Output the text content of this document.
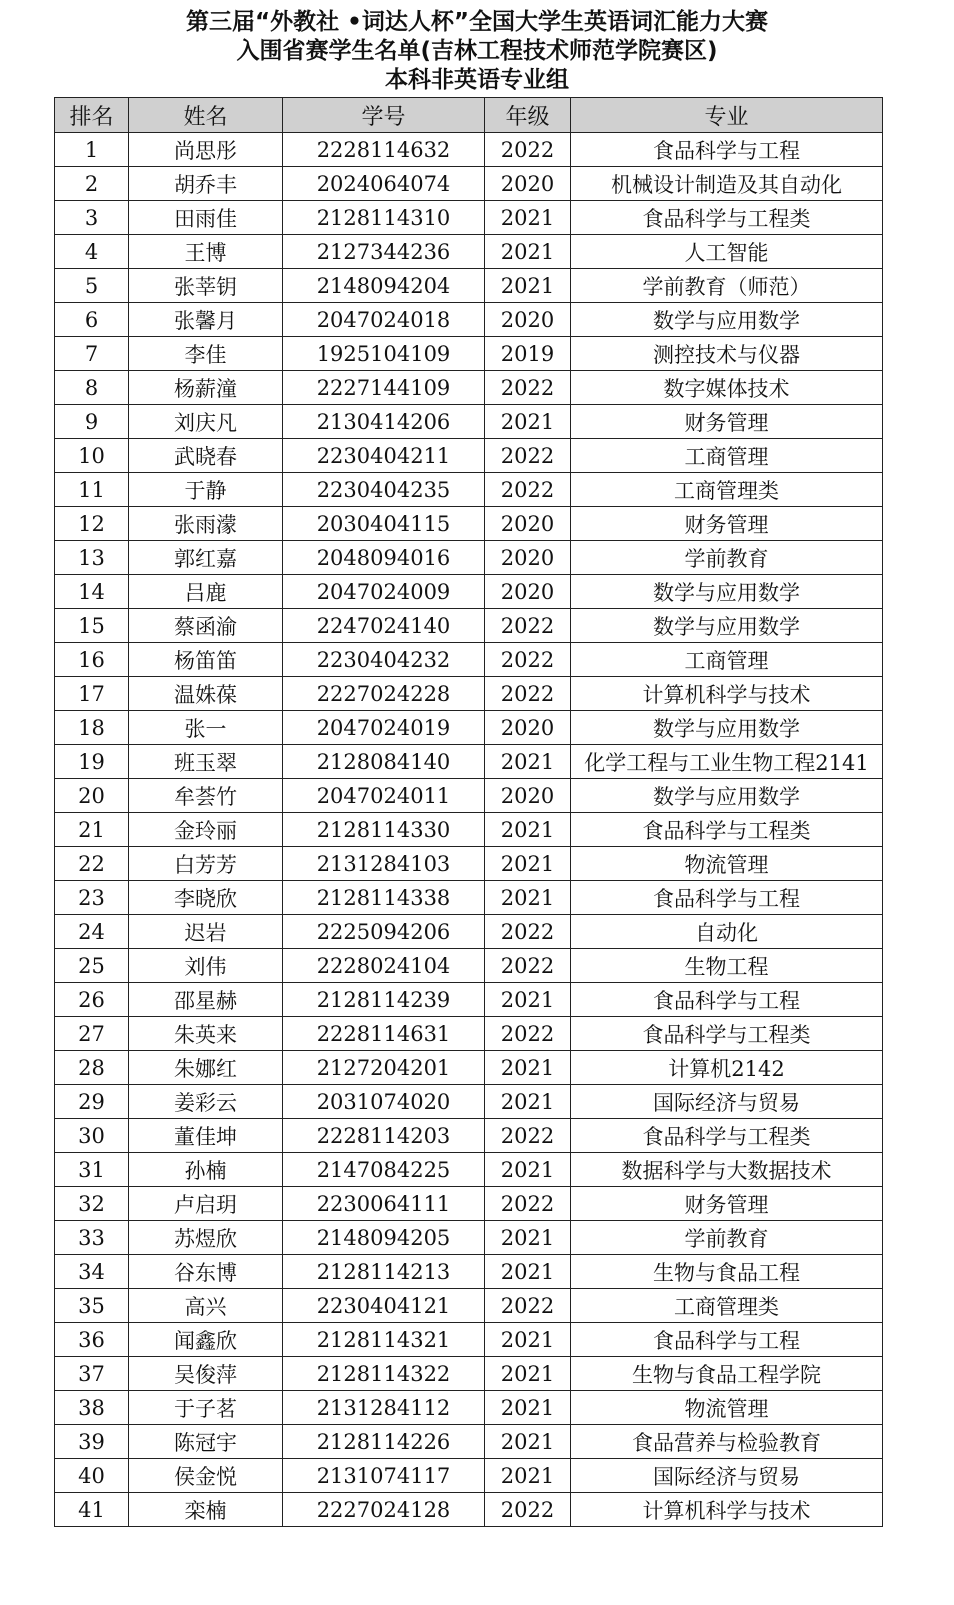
第三届“外教社 •词达人杯”全国大学生英语词汇能力大赛
入围省赛学生名单(吉林工程技术师范学院赛区)
本科非英语专业组
排名	姓名	学号	年级	专业
1	尚思彤	2228114632	2022	食品科学与工程
2	胡乔丰	2024064074	2020	机械设计制造及其自动化
3	田雨佳	2128114310	2021	食品科学与工程类
4	王博	2127344236	2021	人工智能
5	张莘钥	2148094204	2021	学前教育（师范）
6	张馨月	2047024018	2020	数学与应用数学
7	李佳	1925104109	2019	测控技术与仪器
8	杨薪潼	2227144109	2022	数字媒体技术
9	刘庆凡	2130414206	2021	财务管理
10	武晓春	2230404211	2022	工商管理
11	于静	2230404235	2022	工商管理类
12	张雨濛	2030404115	2020	财务管理
13	郭红嘉	2048094016	2020	学前教育
14	吕鹿	2047024009	2020	数学与应用数学
15	蔡函渝	2247024140	2022	数学与应用数学
16	杨笛笛	2230404232	2022	工商管理
17	温姝葆	2227024228	2022	计算机科学与技术
18	张一	2047024019	2020	数学与应用数学
19	班玉翠	2128084140	2021	化学工程与工业生物工程2141
20	牟荟竹	2047024011	2020	数学与应用数学
21	金玲丽	2128114330	2021	食品科学与工程类
22	白芳芳	2131284103	2021	物流管理
23	李晓欣	2128114338	2021	食品科学与工程
24	迟岩	2225094206	2022	自动化
25	刘伟	2228024104	2022	生物工程
26	邵星赫	2128114239	2021	食品科学与工程
27	朱英来	2228114631	2022	食品科学与工程类
28	朱娜红	2127204201	2021	计算机2142
29	姜彩云	2031074020	2021	国际经济与贸易
30	董佳坤	2228114203	2022	食品科学与工程类
31	孙楠	2147084225	2021	数据科学与大数据技术
32	卢启玥	2230064111	2022	财务管理
33	苏煜欣	2148094205	2021	学前教育
34	谷东博	2128114213	2021	生物与食品工程
35	高兴	2230404121	2022	工商管理类
36	闻鑫欣	2128114321	2021	食品科学与工程
37	吴俊萍	2128114322	2021	生物与食品工程学院
38	于子茗	2131284112	2021	物流管理
39	陈冠宇	2128114226	2021	食品营养与检验教育
40	侯金悦	2131074117	2021	国际经济与贸易
41	栾楠	2227024128	2022	计算机科学与技术
